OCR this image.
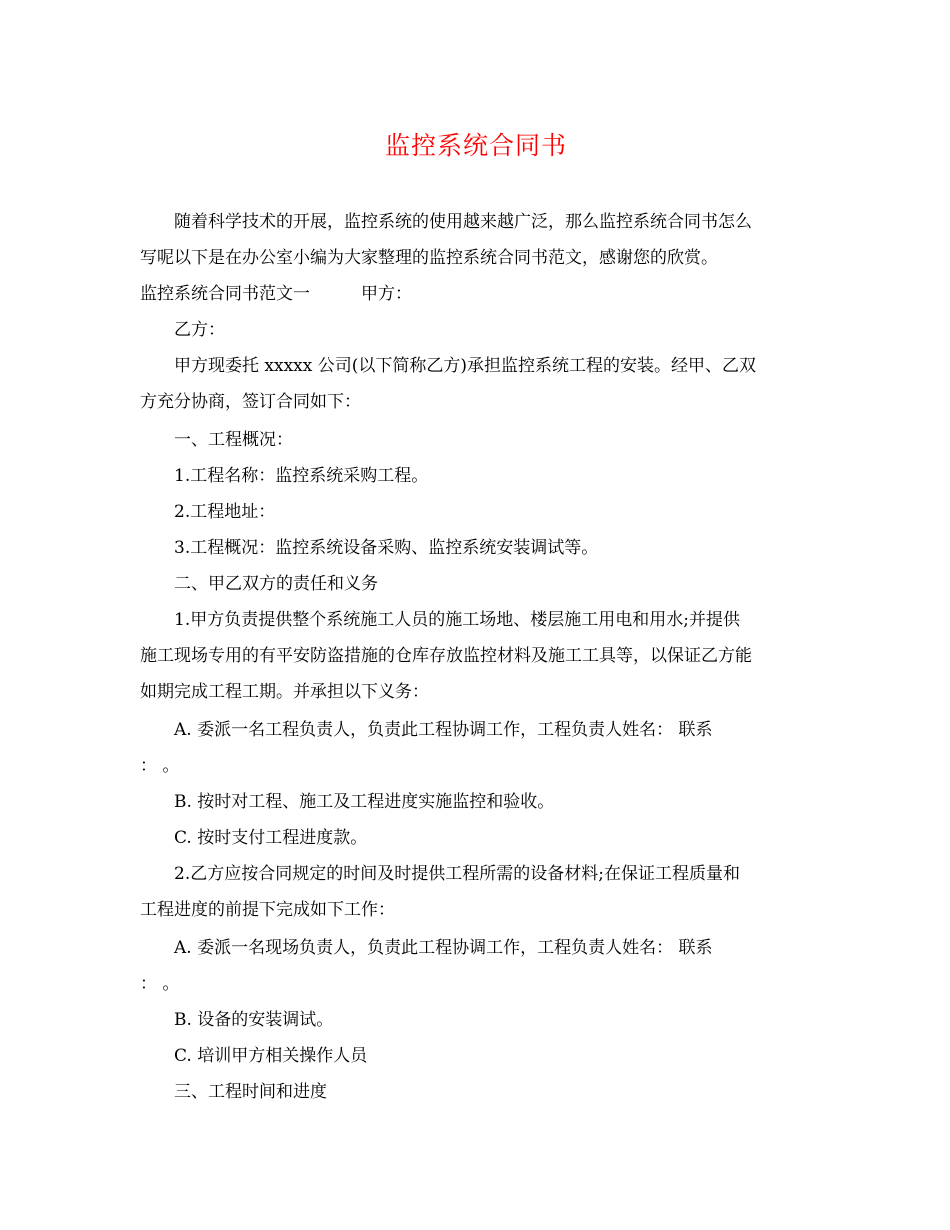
监控系统合同书
随着科学技术的开展，监控系统的使用越来越广泛，那么监控系统合同书怎么
写呢以下是在办公室小编为大家整理的监控系统合同书范文，感谢您的欣赏。
监控系统合同书范文一　　　甲方：
乙方：
甲方现委托 xxxxx 公司(以下简称乙方)承担监控系统工程的安装。经甲、乙双
方充分协商，签订合同如下：
一、工程概况：
1.工程名称：监控系统采购工程。
2.工程地址：
3.工程概况：监控系统设备采购、监控系统安装调试等。
二、甲乙双方的责任和义务
1.甲方负责提供整个系统施工人员的施工场地、楼层施工用电和用水;并提供
施工现场专用的有平安防盗措施的仓库存放监控材料及施工工具等，以保证乙方能
如期完成工程工期。并承担以下义务：
A. 委派一名工程负责人，负责此工程协调工作，工程负责人姓名： 联系
： 。
B. 按时对工程、施工及工程进度实施监控和验收。
C. 按时支付工程进度款。
2.乙方应按合同规定的时间及时提供工程所需的设备材料;在保证工程质量和
工程进度的前提下完成如下工作：
A. 委派一名现场负责人，负责此工程协调工作，工程负责人姓名： 联系
： 。
B. 设备的安装调试。
C. 培训甲方相关操作人员
三、工程时间和进度
